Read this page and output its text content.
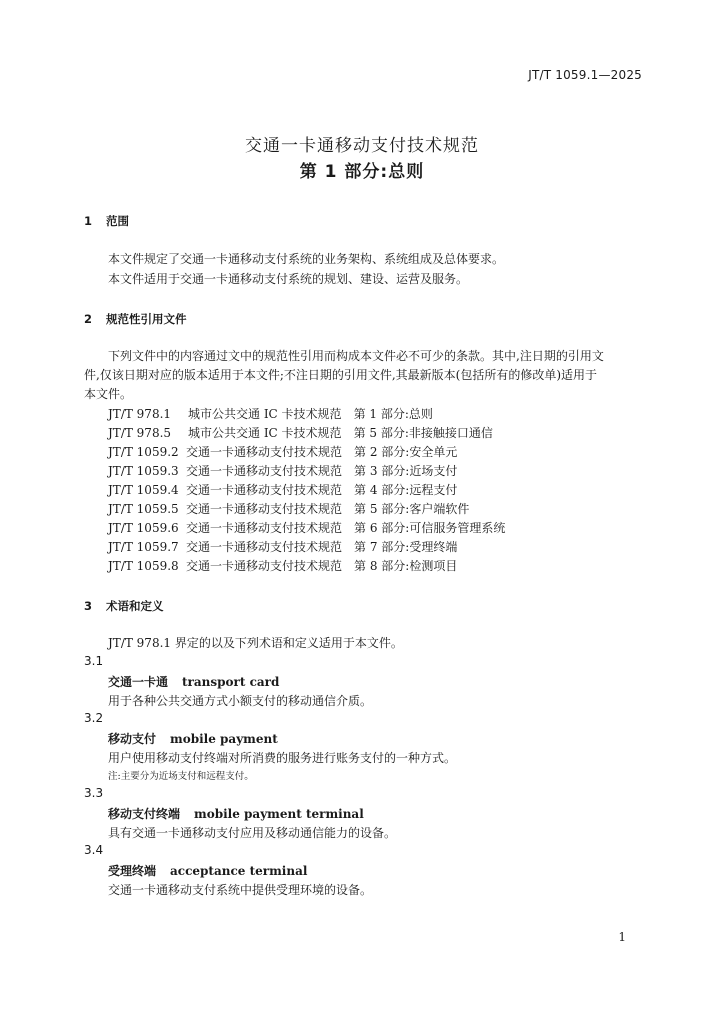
JT/T 1059.1—2025
交通一卡通移动支付技术规范
第 1 部分:总则
1 范围
本文件规定了交通一卡通移动支付系统的业务架构、系统组成及总体要求。
本文件适用于交通一卡通移动支付系统的规划、建设、运营及服务。
2 规范性引用文件
下列文件中的内容通过文中的规范性引用而构成本文件必不可少的条款。其中,注日期的引用文
件,仅该日期对应的版本适用于本文件;不注日期的引用文件,其最新版本(包括所有的修改单)适用于
本文件。
JT/T 978.1 城市公共交通 IC 卡技术规范 第 1 部分:总则
JT/T 978.5 城市公共交通 IC 卡技术规范 第 5 部分:非接触接口通信
JT/T 1059.2 交通一卡通移动支付技术规范 第 2 部分:安全单元
JT/T 1059.3 交通一卡通移动支付技术规范 第 3 部分:近场支付
JT/T 1059.4 交通一卡通移动支付技术规范 第 4 部分:远程支付
JT/T 1059.5 交通一卡通移动支付技术规范 第 5 部分:客户端软件
JT/T 1059.6 交通一卡通移动支付技术规范 第 6 部分:可信服务管理系统
JT/T 1059.7 交通一卡通移动支付技术规范 第 7 部分:受理终端
JT/T 1059.8 交通一卡通移动支付技术规范 第 8 部分:检测项目
3 术语和定义
JT/T 978.1 界定的以及下列术语和定义适用于本文件。
3.1
交通一卡通 transport card
用于各种公共交通方式小额支付的移动通信介质。
3.2
移动支付 mobile payment
用户使用移动支付终端对所消费的服务进行账务支付的一种方式。
注:主要分为近场支付和远程支付。
3.3
移动支付终端 mobile payment terminal
具有交通一卡通移动支付应用及移动通信能力的设备。
3.4
受理终端 acceptance terminal
交通一卡通移动支付系统中提供受理环境的设备。
1
